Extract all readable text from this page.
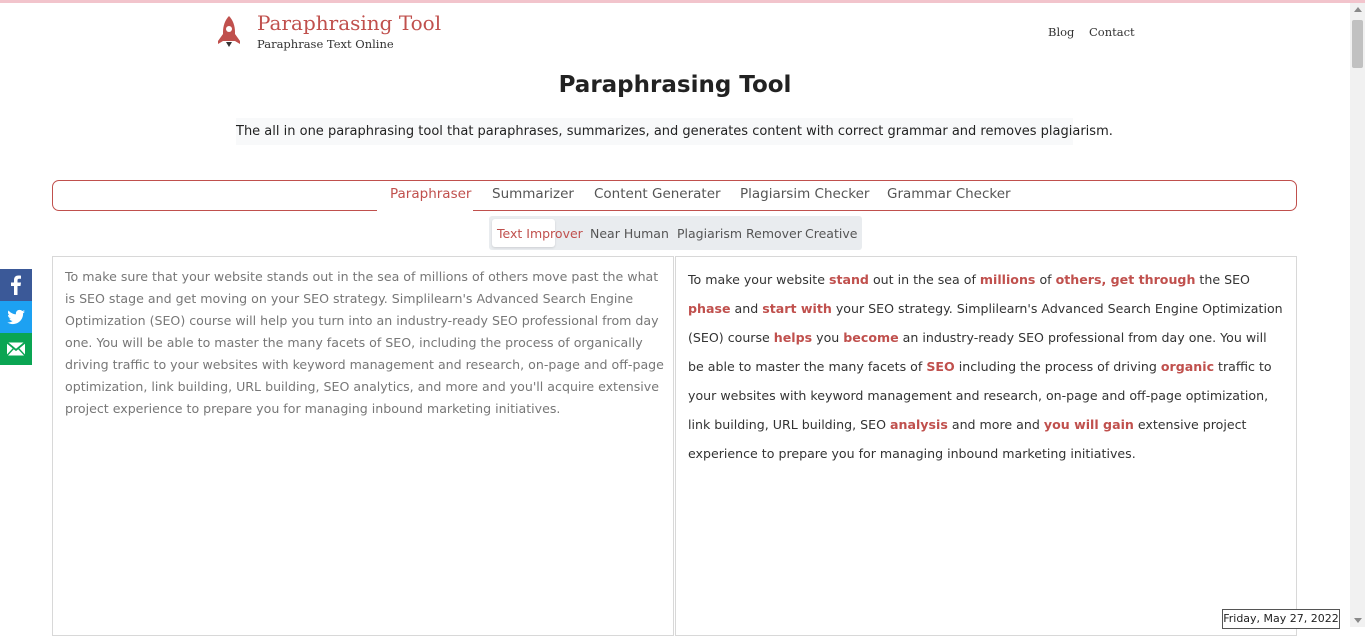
Paraphrasing Tool
Paraphrase Text Online
Blog Contact
Paraphrasing Tool
The all in one paraphrasing tool that paraphrases, summarizes, and generates content with correct grammar and removes plagiarism.
Paraphraser Summarizer Content Generater Plagiarsim Checker Grammar Checker
Text Improver Near Human Plagiarism Remover Creative

To make sure that your website stands out in the sea of millions of others move past the what is SEO stage and get moving on your SEO strategy. Simplilearn's Advanced Search Engine Optimization (SEO) course will help you turn into an industry-ready SEO professional from day one. You will be able to master the many facets of SEO, including the process of organically driving traffic to your websites with keyword management and research, on-page and off-page optimization, link building, URL building, SEO analytics, and more and you'll acquire extensive project experience to prepare you for managing inbound marketing initiatives.

To make your website stand out in the sea of millions of others, get through the SEO phase and start with your SEO strategy. Simplilearn's Advanced Search Engine Optimization (SEO) course helps you become an industry-ready SEO professional from day one. You will be able to master the many facets of SEO including the process of driving organic traffic to your websites with keyword management and research, on-page and off-page optimization, link building, URL building, SEO analysis and more and you will gain extensive project experience to prepare you for managing inbound marketing initiatives.

Friday, May 27, 2022
